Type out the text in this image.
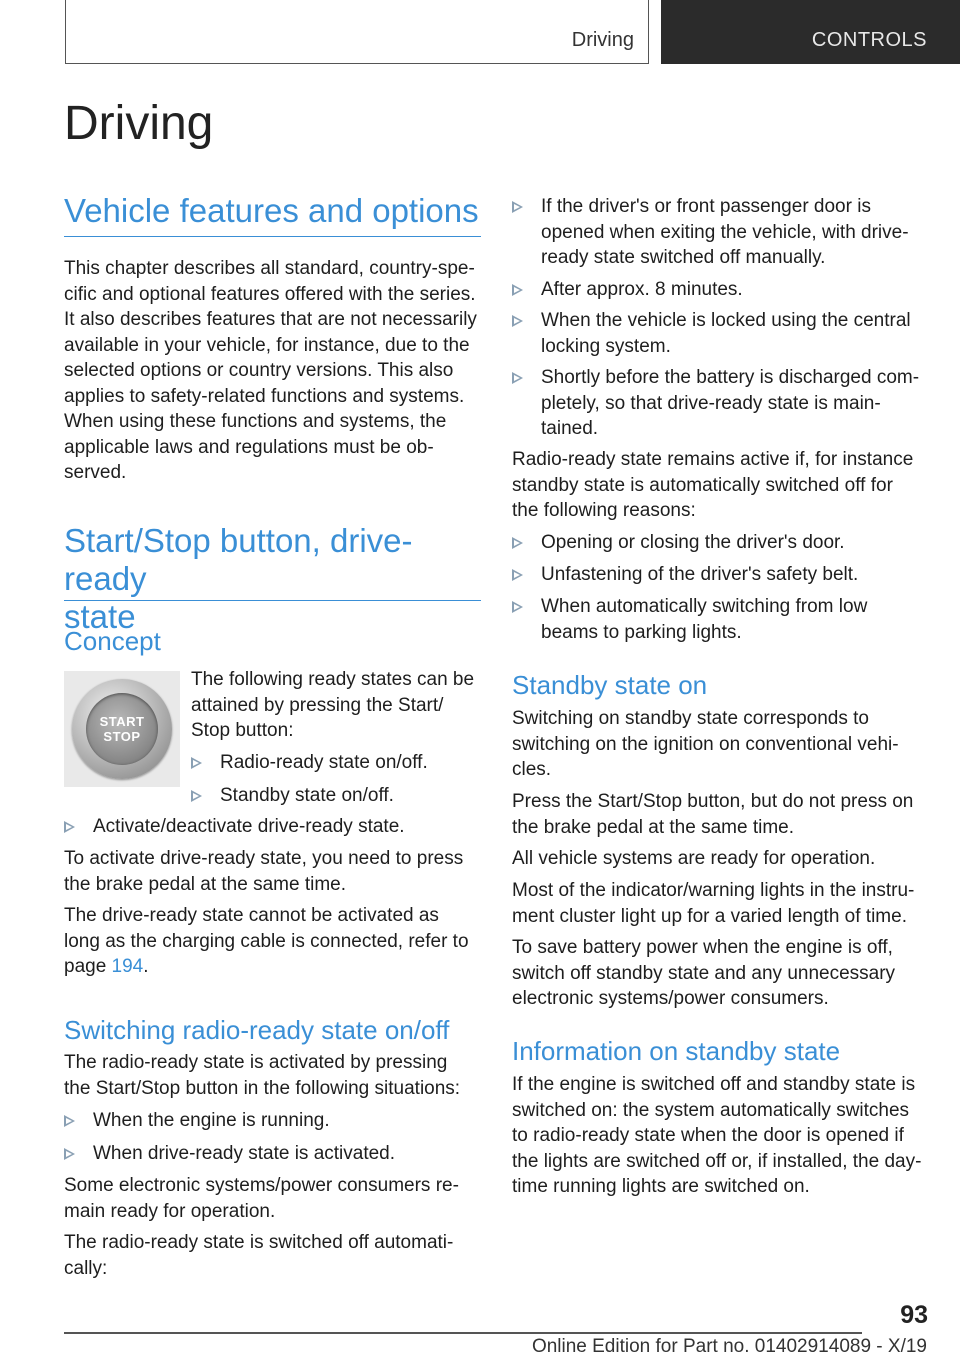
Driving	CONTROLS
Driving
Vehicle features and options

This chapter describes all standard, country-spe-
cific and optional features offered with the series.
It also describes features that are not necessarily
available in your vehicle, for instance, due to the
selected options or country versions. This also
applies to safety-related functions and systems.
When using these functions and systems, the
applicable laws and regulations must be ob-
served.

Start/Stop button, drive-ready
state
Concept

The following ready states can be
attained by pressing the Start/
Stop button:

Radio-ready state on/off.
Standby state on/off.
Activate/deactivate drive-ready state.

To activate drive-ready state, you need to press
the brake pedal at the same time.

The drive-ready state cannot be activated as
long as the charging cable is connected, refer to
page 194.

Switching radio-ready state on/off

The radio-ready state is activated by pressing
the Start/Stop button in the following situations:

When the engine is running.
When drive-ready state is activated.

Some electronic systems/power consumers re-
main ready for operation.

The radio-ready state is switched off automati-
cally:

START
STOP
If the driver's or front passenger door is
opened when exiting the vehicle, with drive-
ready state switched off manually.
After approx. 8 minutes.
When the vehicle is locked using the central
locking system.
Shortly before the battery is discharged com-
pletely, so that drive-ready state is main-
tained.

Radio-ready state remains active if, for instance
standby state is automatically switched off for
the following reasons:

Opening or closing the driver's door.
Unfastening of the driver's safety belt.
When automatically switching from low
beams to parking lights.
Standby state on

Switching on standby state corresponds to
switching on the ignition on conventional vehi-
cles.

Press the Start/Stop button, but do not press on
the brake pedal at the same time.

All vehicle systems are ready for operation.

Most of the indicator/warning lights in the instru-
ment cluster light up for a varied length of time.

To save battery power when the engine is off,
switch off standby state and any unnecessary
electronic systems/power consumers.

Information on standby state

If the engine is switched off and standby state is
switched on: the system automatically switches
to radio-ready state when the door is opened if
the lights are switched off or, if installed, the day-
time running lights are switched on.

93
Online Edition for Part no. 01402914089 - X/19
